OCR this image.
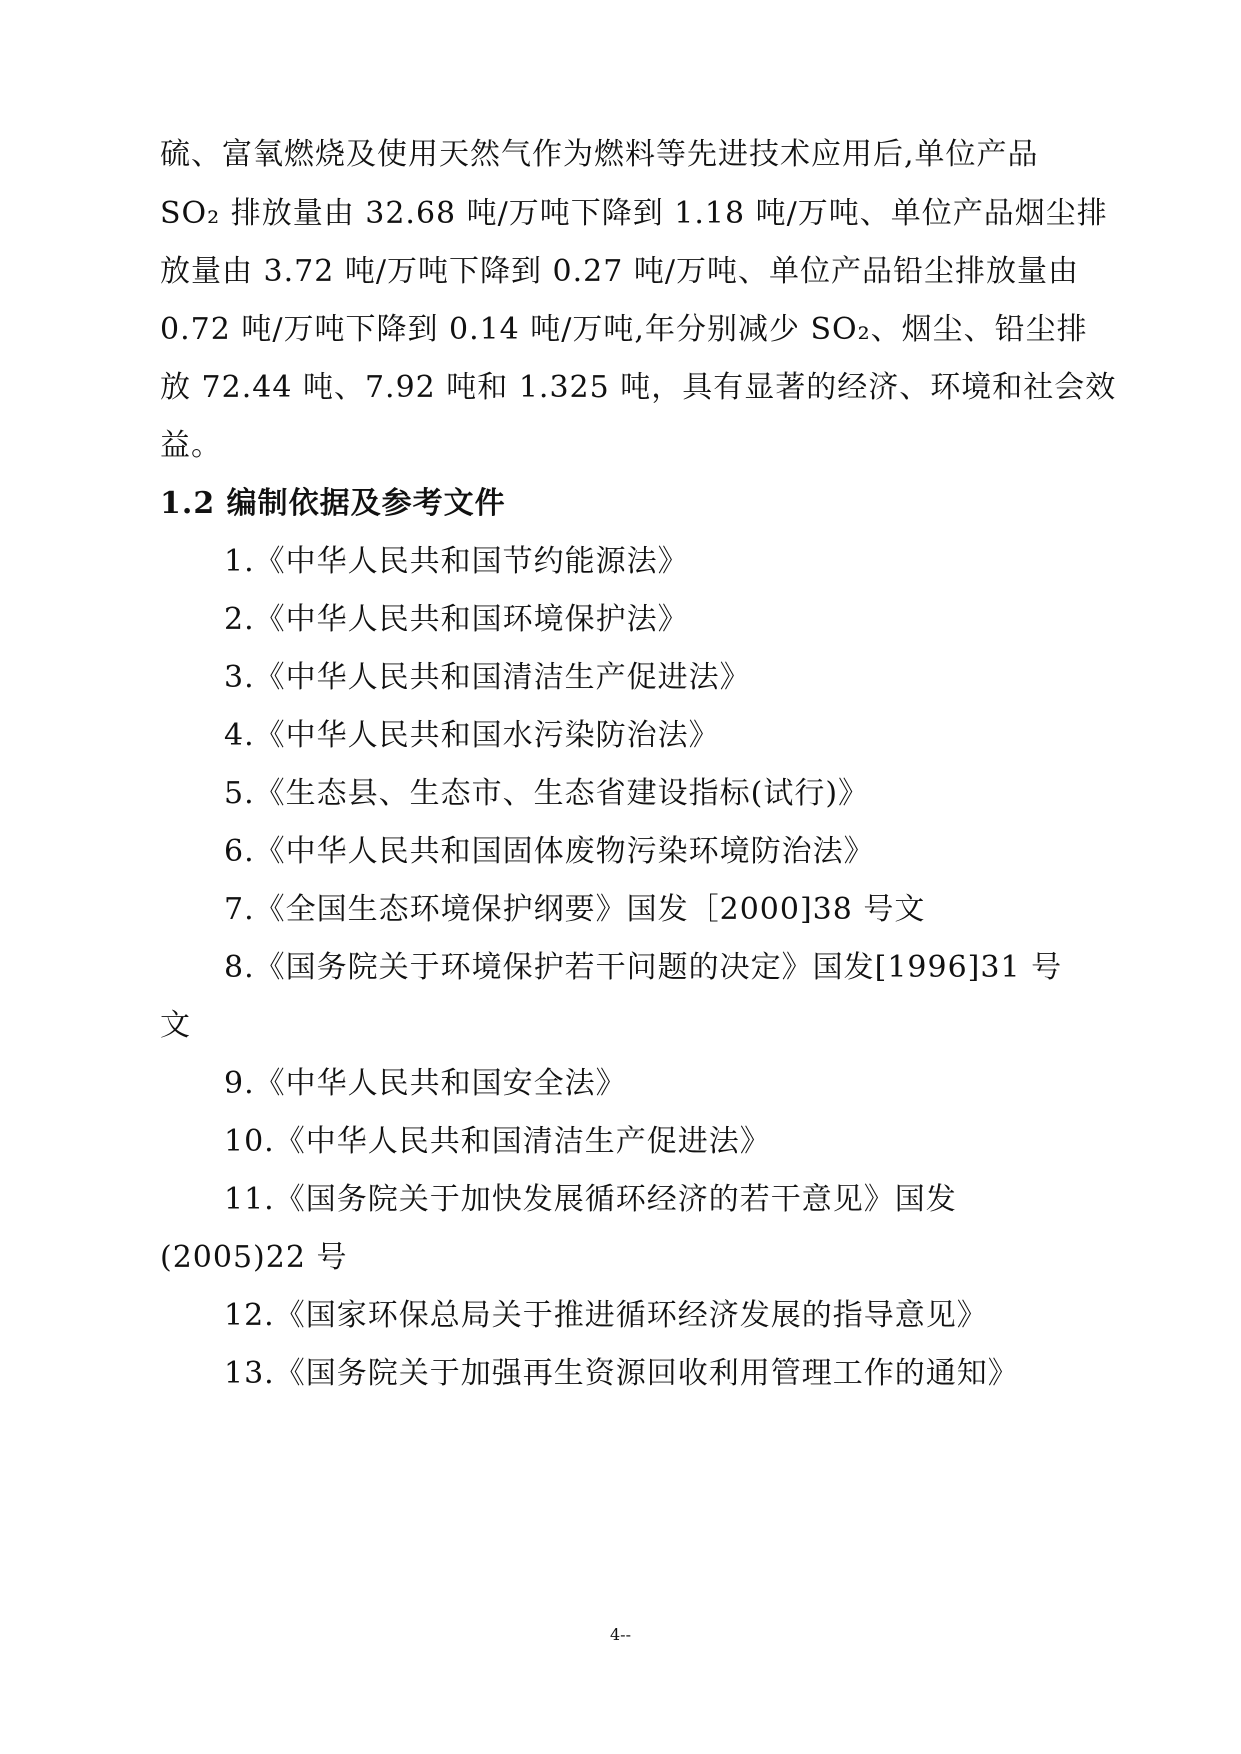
硫、富氧燃烧及使用天然气作为燃料等先进技术应用后,单位产品
SO₂ 排放量由 32.68 吨/万吨下降到 1.18 吨/万吨、单位产品烟尘排
放量由 3.72 吨/万吨下降到 0.27 吨/万吨、单位产品铅尘排放量由
0.72 吨/万吨下降到 0.14 吨/万吨,年分别减少 SO₂、烟尘、铅尘排
放 72.44 吨、7.92 吨和 1.325 吨，具有显著的经济、环境和社会效
益。
1.2 编制依据及参考文件
1.《中华人民共和国节约能源法》
2.《中华人民共和国环境保护法》
3.《中华人民共和国清洁生产促进法》
4.《中华人民共和国水污染防治法》
5.《生态县、生态市、生态省建设指标(试行)》
6.《中华人民共和国固体废物污染环境防治法》
7.《全国生态环境保护纲要》国发［2000]38 号文
8.《国务院关于环境保护若干问题的决定》国发[1996]31 号
文
9.《中华人民共和国安全法》
10.《中华人民共和国清洁生产促进法》
11.《国务院关于加快发展循环经济的若干意见》国发
(2005)22 号
12.《国家环保总局关于推进循环经济发展的指导意见》
13.《国务院关于加强再生资源回收利用管理工作的通知》
4--
